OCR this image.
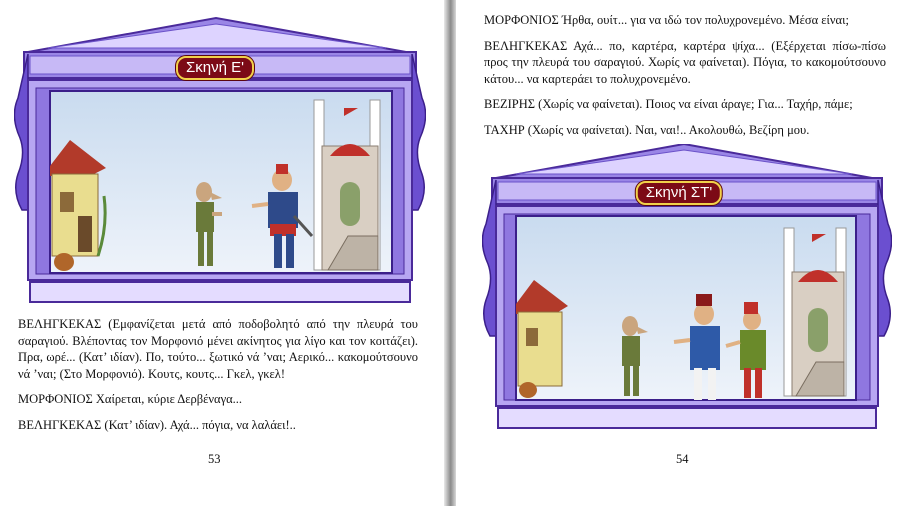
Σκηνή Ε'

ΒΕΛΗΓΚΕΚΑΣ (Εμφανίζεται μετά από ποδοβολητό από την πλευρά του σαραγιού. Βλέποντας τον Μορφονιό μένει ακίνητος για λίγο και τον κοιτάζει). Πρα, ωρέ... (Κατ’ ιδίαν). Πο, τούτο... ξωτικό νά ’ναι; Αερικό... κακομούτσουνο νά ’ναι; (Στο Μορφονιό). Κουτς, κουτς... Γκελ, γκελ!

ΜΟΡΦΟΝΙΟΣ Χαίρεται, κύριε Δερβέναγα...

ΒΕΛΗΓΚΕΚΑΣ (Κατ’ ιδίαν). Αχά... πόγια, να λαλάει!..

53

ΜΟΡΦΟΝΙΟΣ Ήρθα, ουίτ... για να ιδώ τον πολυχρονεμένο. Μέσα είναι;

ΒΕΛΗΓΚΕΚΑΣ Αχά... πο, καρτέρα, καρτέρα ψίχα... (Εξέρχεται πίσω-πίσω προς την πλευρά του σαραγιού. Χωρίς να φαίνεται). Πόγια, το κακομούτσουνο κάτου... να καρτεράει το πολυχρονεμένο.

ΒΕΖΙΡΗΣ (Χωρίς να φαίνεται). Ποιος να είναι άραγε; Για... Ταχήρ, πάμε;

ΤΑΧΗΡ (Χωρίς να φαίνεται). Ναι, ναι!.. Ακολουθώ, Βεζίρη μου.

Σκηνή ΣΤ'
54
